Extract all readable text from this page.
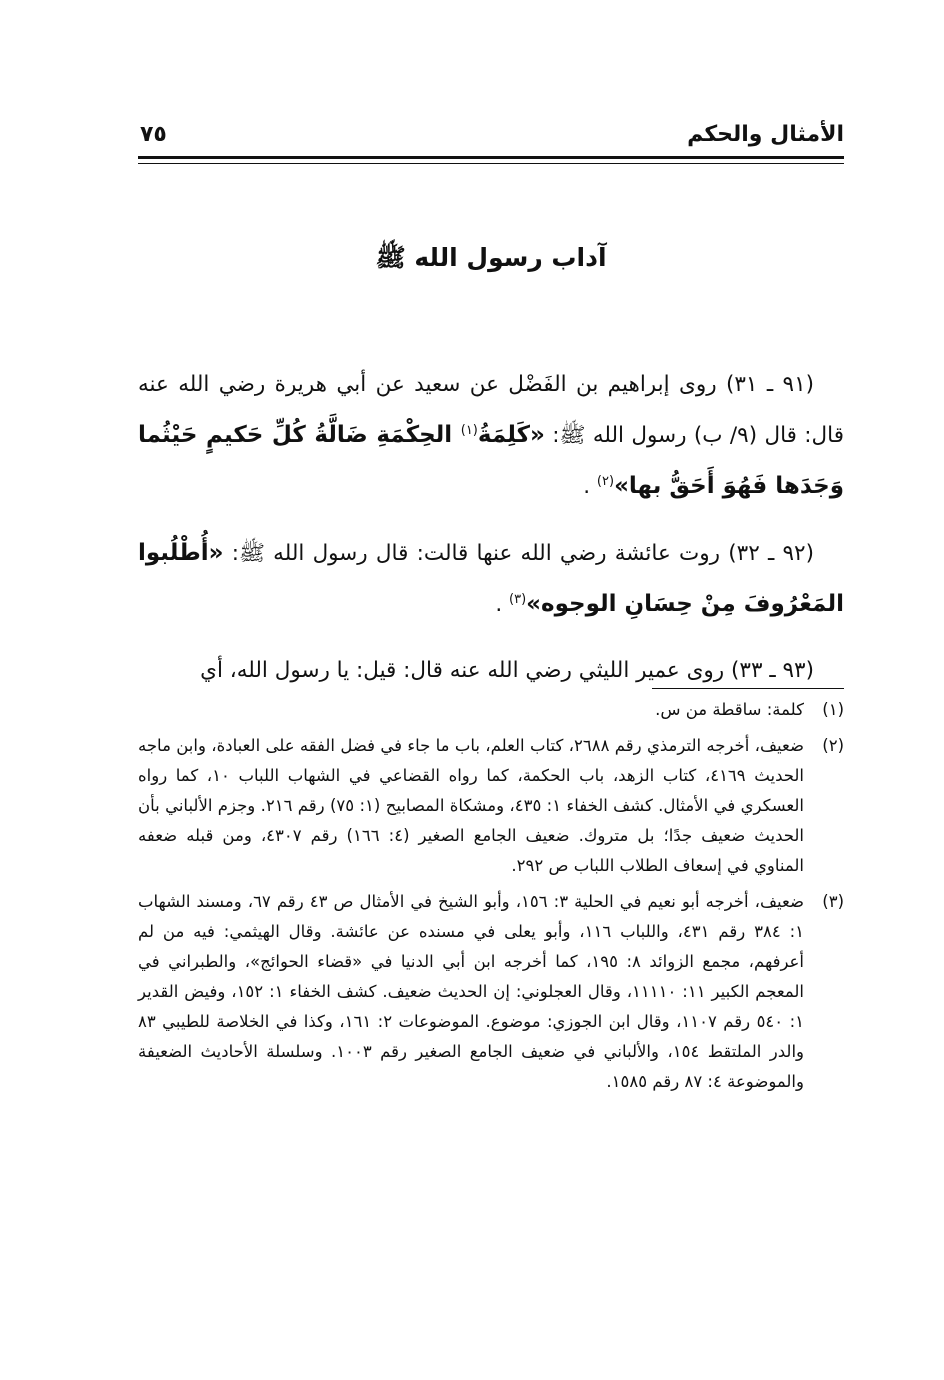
الأمثال والحكم
٧٥
آداب رسول الله ﷺ

(٩١ ـ ٣١) روى إبراهيم بن الفَضْل عن سعيد عن أبي هريرة رضي الله عنه قال: قال (٩/ ب) رسول الله ﷺ: «كَلِمَةُ$^{(١)}$ الحِكْمَةِ ضَالَّةُ كُلِّ حَكيمٍ حَيْثُما وَجَدَها فَهُوَ أَحَقُّ بها»$^{(٢)}$ .

(٩٢ ـ ٣٢) روت عائشة رضي الله عنها قالت: قال رسول الله ﷺ: «أُطْلُبوا المَعْرُوفَ مِنْ حِسَانِ الوجوه»$^{(٣)}$ .

(٩٣ ـ ٣٣) روى عمير الليثي رضي الله عنه قال: قيل: يا رسول الله، أي

(١)
كلمة: ساقطة من س.
(٢)
ضعيف، أخرجه الترمذي رقم ٢٦٨٨، كتاب العلم، باب ما جاء في فضل الفقه على العبادة، وابن ماجه الحديث ٤١٦٩، كتاب الزهد، باب الحكمة، كما رواه القضاعي في الشهاب اللباب ١٠، كما رواه العسكري في الأمثال. كشف الخفاء ١: ٤٣٥، ومشكاة المصابيح (١: ٧٥) رقم ٢١٦. وجزم الألباني بأن الحديث ضعيف جدًا؛ بل متروك. ضعيف الجامع الصغير (٤: ١٦٦) رقم ٤٣٠٧، ومن قبله ضعفه المناوي في إسعاف الطلاب اللباب ص ٢٩٢.
(٣)
ضعيف، أخرجه أبو نعيم في الحلية ٣: ١٥٦، وأبو الشيخ في الأمثال ص ٤٣ رقم ٦٧، ومسند الشهاب ١: ٣٨٤ رقم ٤٣١، واللباب ١١٦، وأبو يعلى في مسنده عن عائشة. وقال الهيثمي: فيه من لم أعرفهم، مجمع الزوائد ٨: ١٩٥، كما أخرجه ابن أبي الدنيا في «قضاء الحوائج»، والطبراني في المعجم الكبير ١١: ١١١١٠، وقال العجلوني: إن الحديث ضعيف. كشف الخفاء ١: ١٥٢، وفيض القدير ١: ٥٤٠ رقم ١١٠٧، وقال ابن الجوزي: موضوع. الموضوعات ٢: ١٦١، وكذا في الخلاصة للطيبي ٨٣ والدر الملتقط ١٥٤، والألباني في ضعيف الجامع الصغير رقم ١٠٠٣. وسلسلة الأحاديث الضعيفة والموضوعة ٤: ٨٧ رقم ١٥٨٥.
